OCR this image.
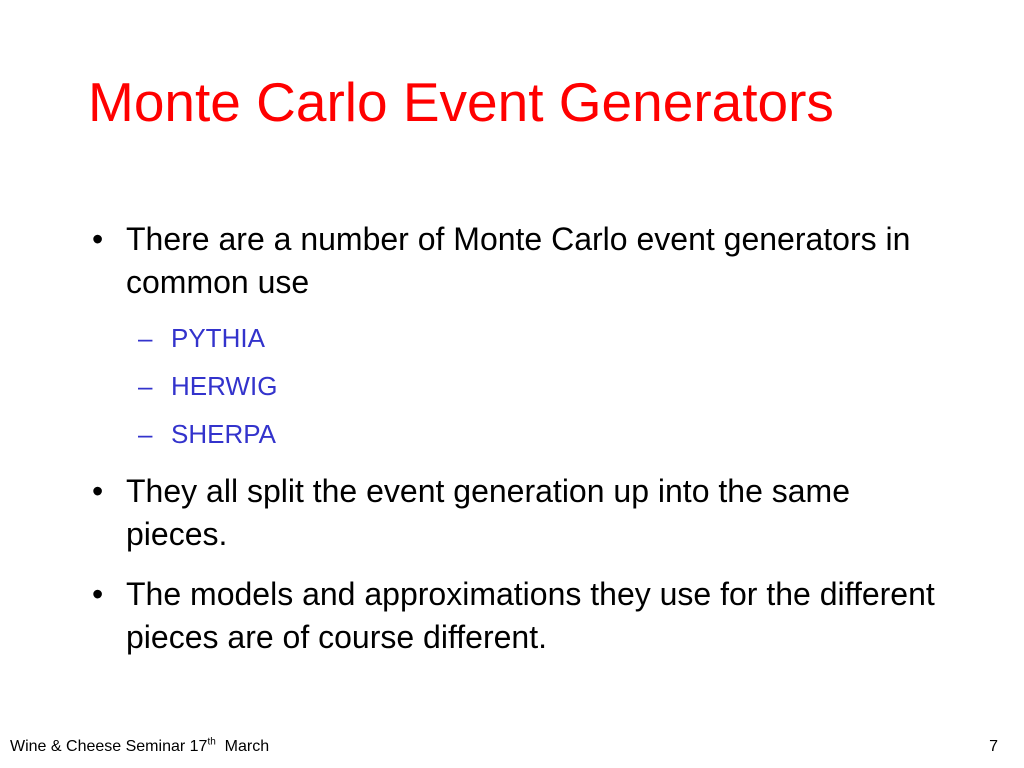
Monte Carlo Event Generators
• There are a number of Monte Carlo event generators in common use
– PYTHIA
– HERWIG
– SHERPA
• They all split the event generation up into the same pieces.
• The models and approximations they use for the different pieces are of course different.
Wine & Cheese Seminar 17th  March	7
